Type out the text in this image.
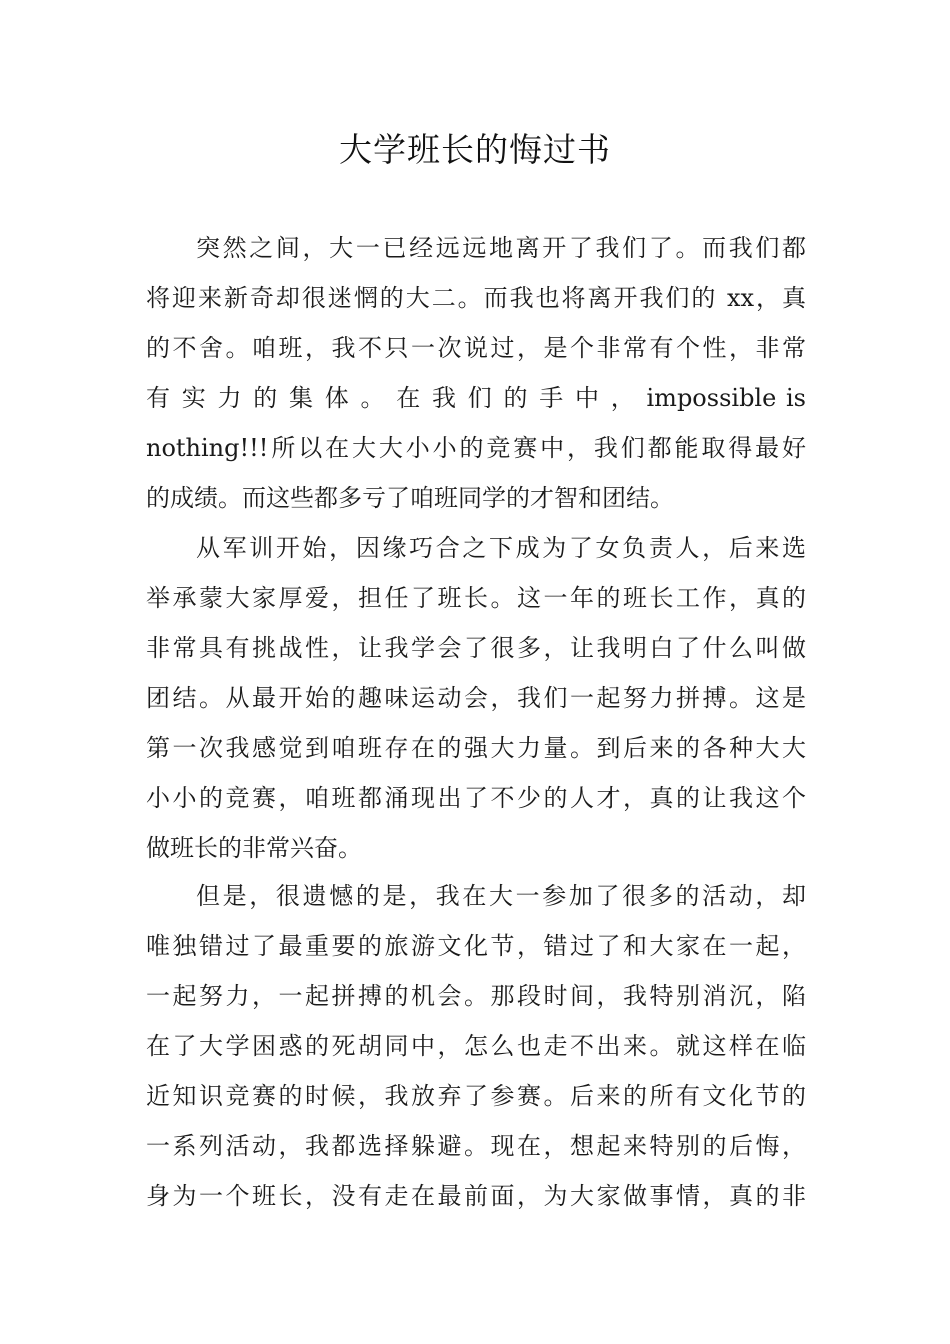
大学班长的悔过书
突然之间，大一已经远远地离开了我们了。而我们都
将迎来新奇却很迷惘的大二。而我也将离开我们的 xx，真
的不舍。咱班，我不只一次说过，是个非常有个性，非常
有 实 力 的 集 体 。 在 我 们 的 手 中 ， impossible is
nothing!!!所以在大大小小的竞赛中，我们都能取得最好
的成绩。而这些都多亏了咱班同学的才智和团结。
从军训开始，因缘巧合之下成为了女负责人，后来选
举承蒙大家厚爱，担任了班长。这一年的班长工作，真的
非常具有挑战性，让我学会了很多，让我明白了什么叫做
团结。从最开始的趣味运动会，我们一起努力拼搏。这是
第一次我感觉到咱班存在的强大力量。到后来的各种大大
小小的竞赛，咱班都涌现出了不少的人才，真的让我这个
做班长的非常兴奋。
但是，很遗憾的是，我在大一参加了很多的活动，却
唯独错过了最重要的旅游文化节，错过了和大家在一起，
一起努力，一起拼搏的机会。那段时间，我特别消沉，陷
在了大学困惑的死胡同中，怎么也走不出来。就这样在临
近知识竞赛的时候，我放弃了参赛。后来的所有文化节的
一系列活动，我都选择躲避。现在，想起来特别的后悔，
身为一个班长，没有走在最前面，为大家做事情，真的非
